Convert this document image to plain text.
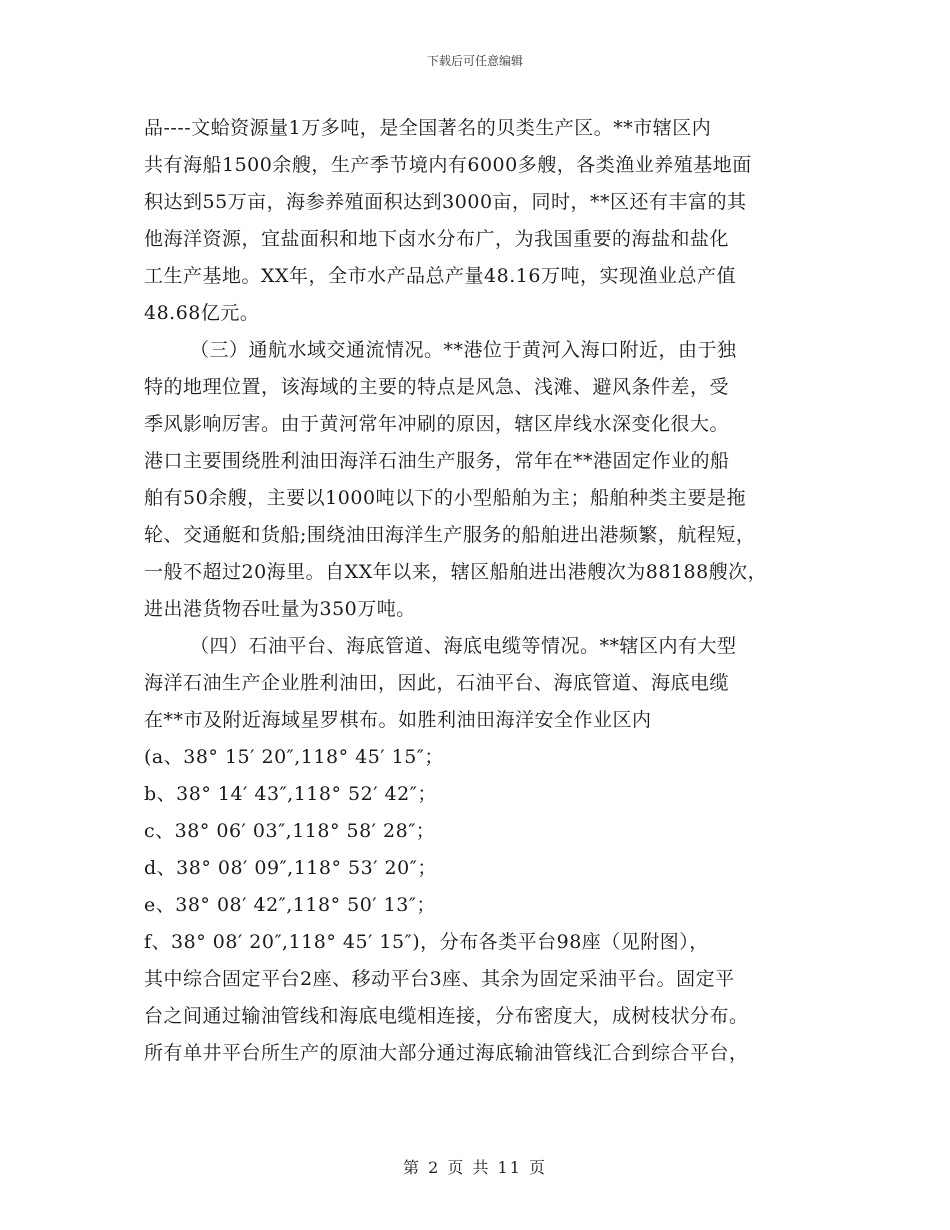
下载后可任意编辑
品----文蛤资源量1万多吨，是全国著名的贝类生产区。**市辖区内
共有海船1500余艘，生产季节境内有6000多艘，各类渔业养殖基地面
积达到55万亩，海参养殖面积达到3000亩，同时，**区还有丰富的其
他海洋资源，宜盐面积和地下卤水分布广，为我国重要的海盐和盐化
工生产基地。XX年，全市水产品总产量48.16万吨，实现渔业总产值
48.68亿元。
（三）通航水域交通流情况。**港位于黄河入海口附近，由于独
特的地理位置，该海域的主要的特点是风急、浅滩、避风条件差，受
季风影响厉害。由于黄河常年冲刷的原因，辖区岸线水深变化很大。
港口主要围绕胜利油田海洋石油生产服务，常年在**港固定作业的船
舶有50余艘，主要以1000吨以下的小型船舶为主；船舶种类主要是拖
轮、交通艇和货船;围绕油田海洋生产服务的船舶进出港频繁，航程短，
一般不超过20海里。自XX年以来，辖区船舶进出港艘次为88188艘次，
进出港货物吞吐量为350万吨。
（四）石油平台、海底管道、海底电缆等情况。**辖区内有大型
海洋石油生产企业胜利油田，因此，石油平台、海底管道、海底电缆
在**市及附近海域星罗棋布。如胜利油田海洋安全作业区内
(a、38° 15′ 20″,118° 45′ 15″；
b、38° 14′ 43″,118° 52′ 42″；
c、38° 06′ 03″,118° 58′ 28″；
d、38° 08′ 09″,118° 53′ 20″；
e、38° 08′ 42″,118° 50′ 13″；
f、38° 08′ 20″,118° 45′ 15″)，分布各类平台98座（见附图），
其中综合固定平台2座、移动平台3座、其余为固定采油平台。固定平
台之间通过输油管线和海底电缆相连接，分布密度大，成树枝状分布。
所有单井平台所生产的原油大部分通过海底输油管线汇合到综合平台，
第 2 页 共 11 页
